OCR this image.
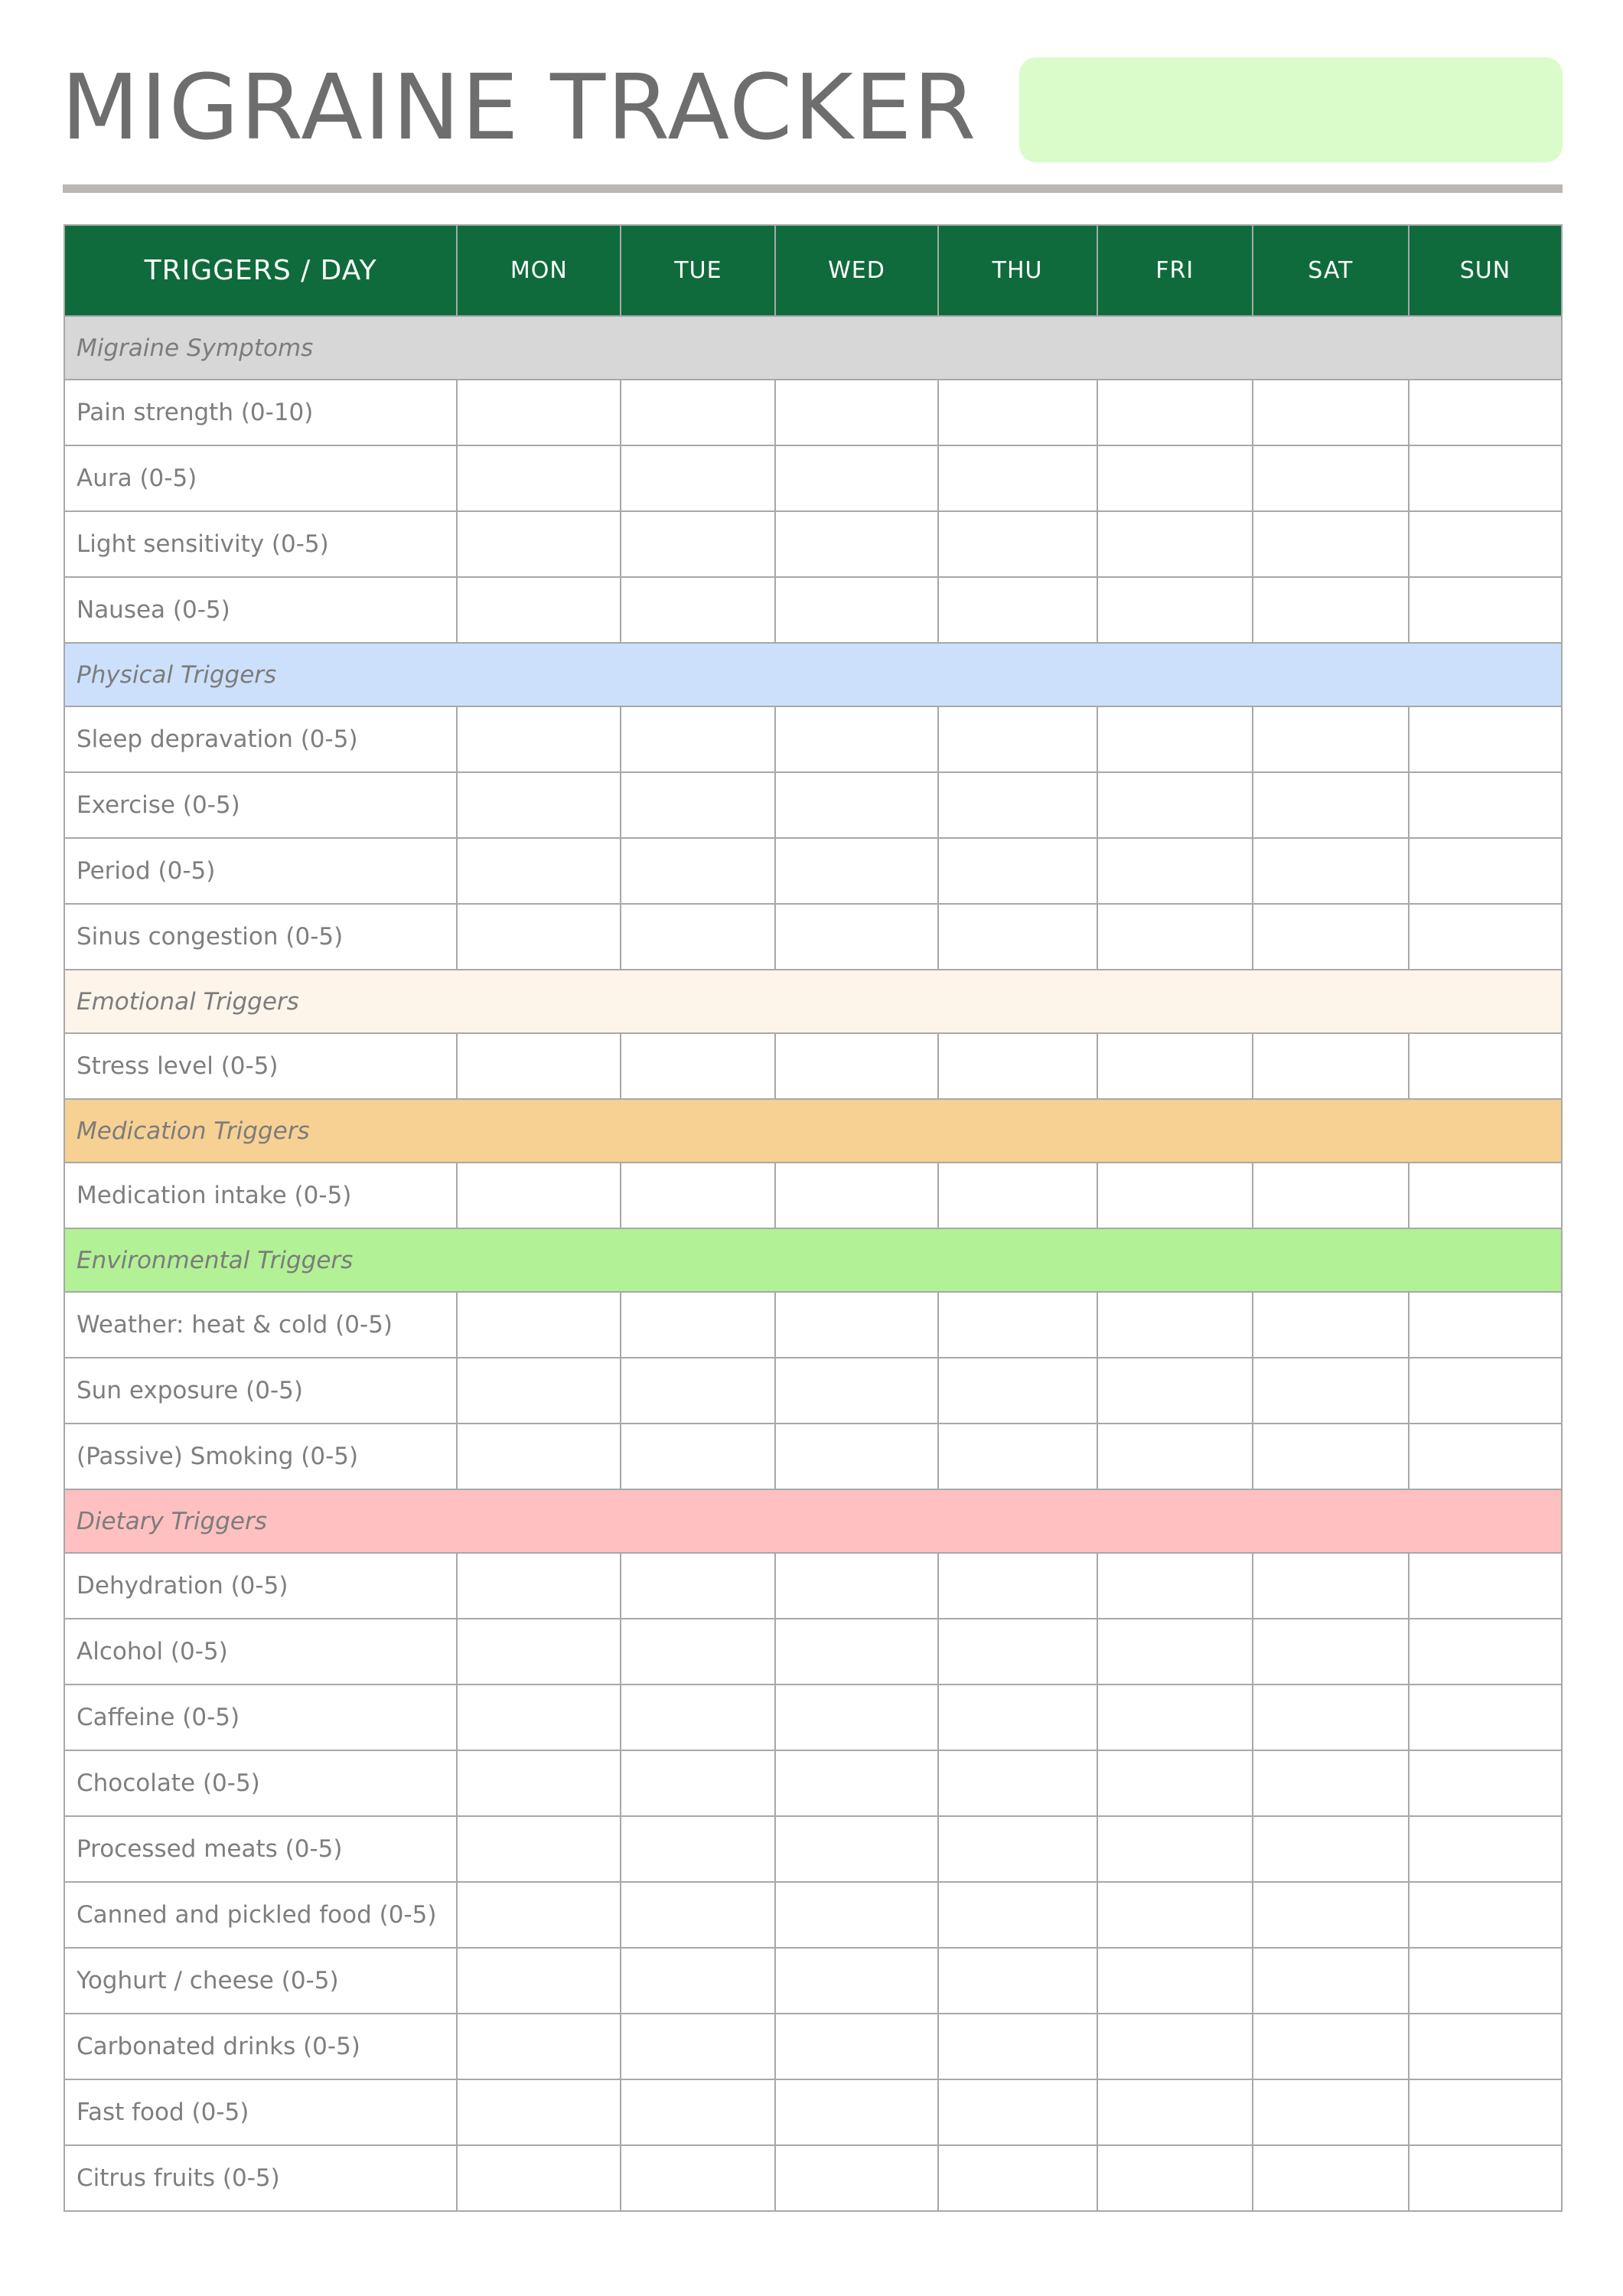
MIGRAINE TRACKER
TRIGGERS / DAY	MON	TUE	WED	THU	FRI	SAT	SUN
Migraine Symptoms							
Pain strength (0-10)							
Aura (0-5)							
Light sensitivity (0-5)							
Nausea (0-5)							
Physical Triggers							
Sleep depravation (0-5)							
Exercise (0-5)							
Period (0-5)							
Sinus congestion (0-5)							
Emotional Triggers							
Stress level (0-5)							
Medication Triggers							
Medication intake (0-5)							
Environmental Triggers							
Weather: heat & cold (0-5)							
Sun exposure (0-5)							
(Passive) Smoking (0-5)							
Dietary Triggers							
Dehydration (0-5)							
Alcohol (0-5)							
Caffeine (0-5)							
Chocolate (0-5)							
Processed meats (0-5)							
Canned and pickled food (0-5)							
Yoghurt / cheese (0-5)							
Carbonated drinks (0-5)							
Fast food (0-5)							
Citrus fruits (0-5)							
